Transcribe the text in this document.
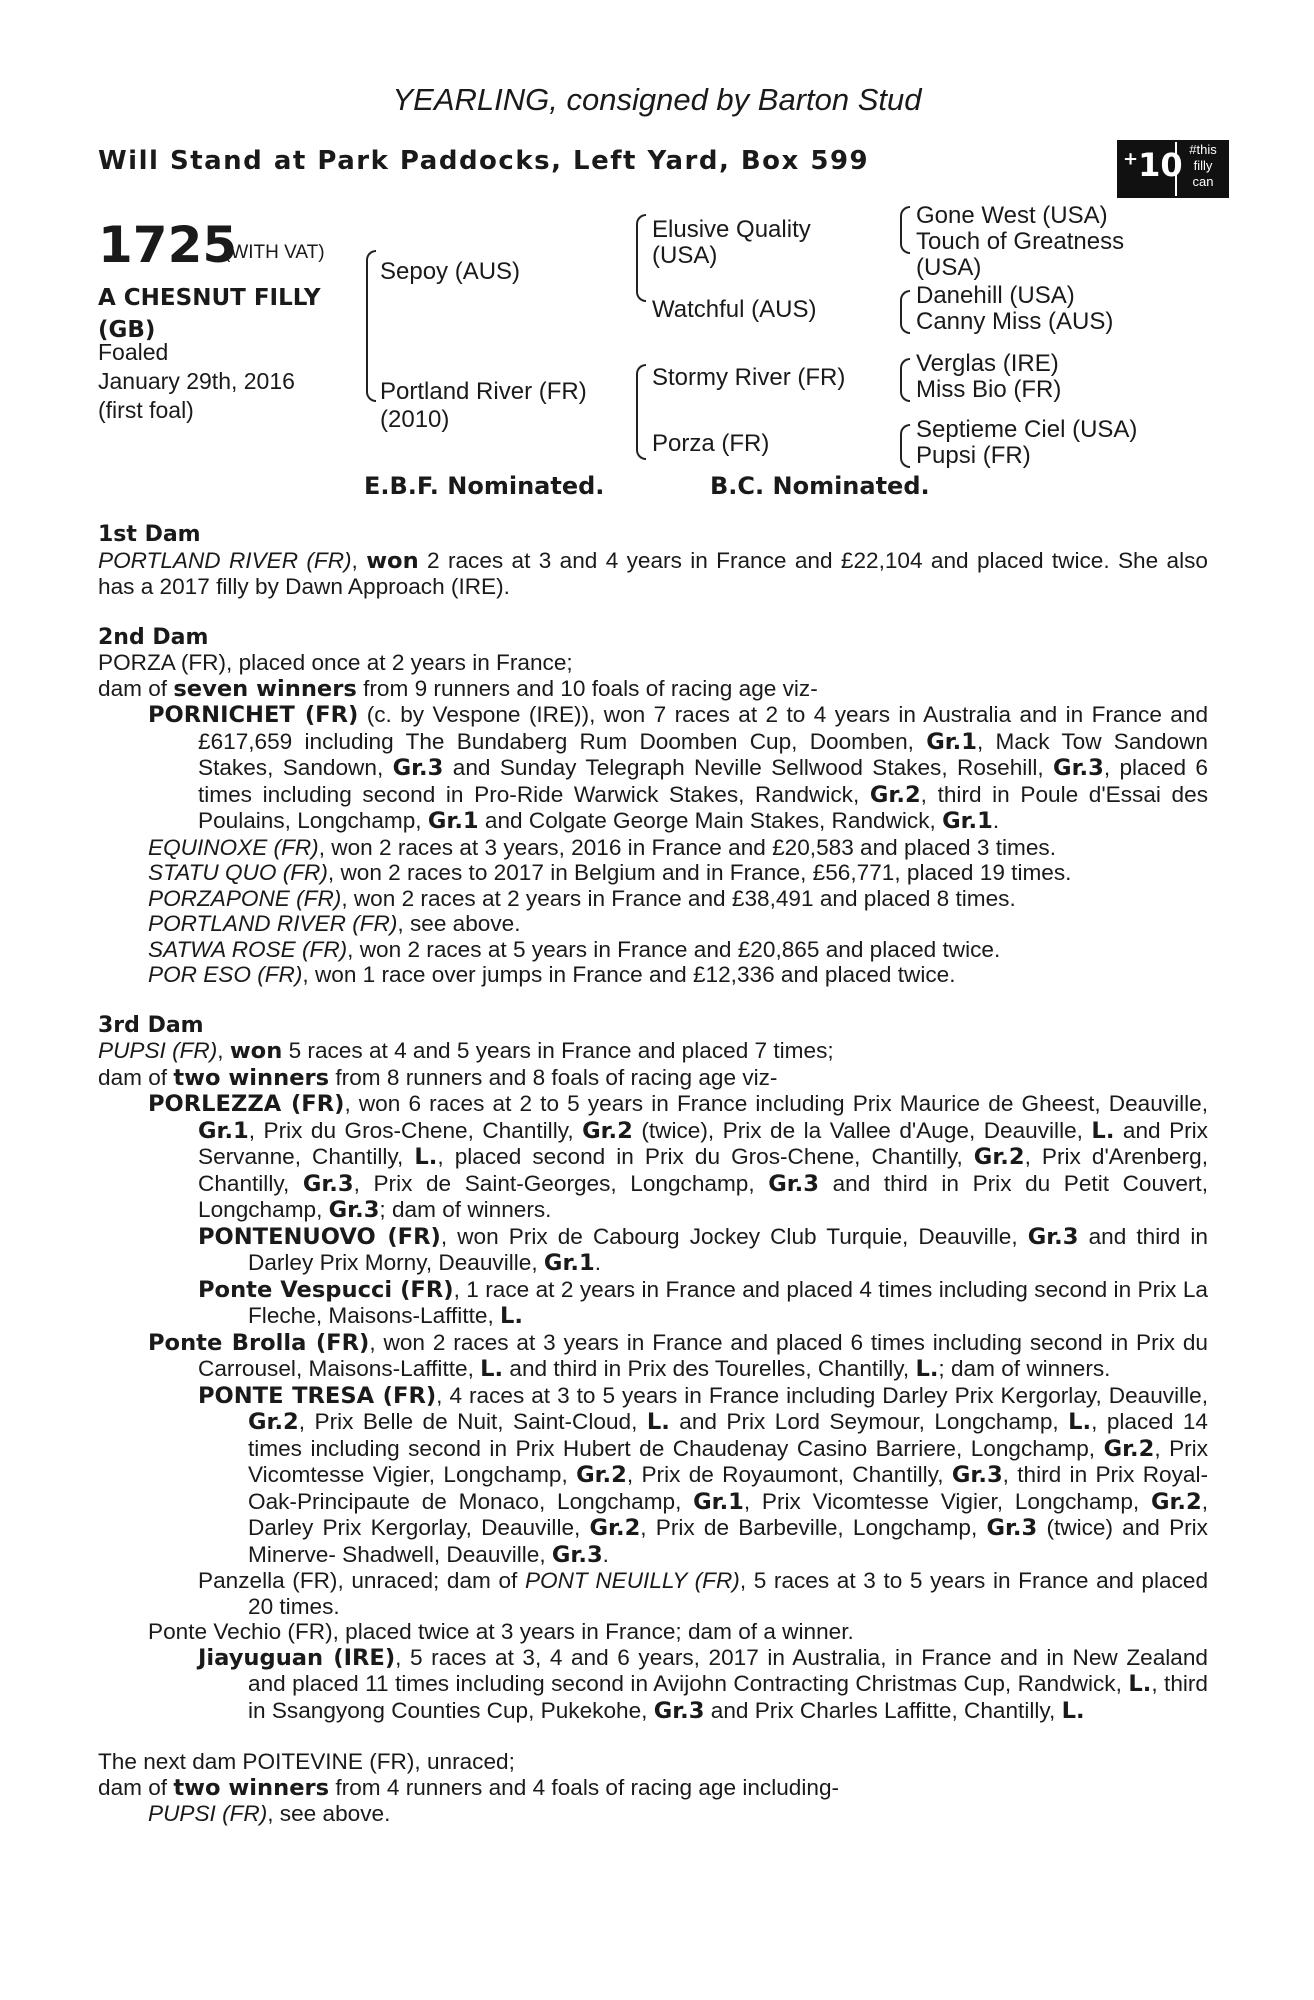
YEARLING, consigned by Barton Stud
Will Stand at Park Paddocks, Left Yard, Box 599	+10 #this
filly
can
1725
(WITH VAT)
A CHESNUT FILLY (GB)
Foaled
January 29th, 2016
(first foal)
Sepoy (AUS)
Portland River (FR)
(2010)
Elusive Quality
(USA)
Watchful (AUS)
Stormy River (FR)
Porza (FR)
Gone West (USA)
Touch of Greatness
(USA)
Danehill (USA)
Canny Miss (AUS)
Verglas (IRE)
Miss Bio (FR)
Septieme Ciel (USA)
Pupsi (FR)
E.B.F. Nominated.	B.C. Nominated.
1st Dam

PORTLAND RIVER (FR), won 2 races at 3 and 4 years in France and £22,104 and placed twice. She also has a 2017 filly by Dawn Approach (IRE).

2nd Dam

PORZA (FR), placed once at 2 years in France;

dam of seven winners from 9 runners and 10 foals of racing age viz-

PORNICHET (FR) (c. by Vespone (IRE)), won 7 races at 2 to 4 years in Australia and in France and £617,659 including The Bundaberg Rum Doomben Cup, Doomben, Gr.1, Mack Tow Sandown Stakes, Sandown, Gr.3 and Sunday Telegraph Neville Sellwood Stakes, Rosehill, Gr.3, placed 6 times including second in Pro-Ride Warwick Stakes, Randwick, Gr.2, third in Poule d'Essai des Poulains, Longchamp, Gr.1 and Colgate George Main Stakes, Randwick, Gr.1.

EQUINOXE (FR), won 2 races at 3 years, 2016 in France and £20,583 and placed 3 times.

STATU QUO (FR), won 2 races to 2017 in Belgium and in France, £56,771, placed 19 times.

PORZAPONE (FR), won 2 races at 2 years in France and £38,491 and placed 8 times.

PORTLAND RIVER (FR), see above.

SATWA ROSE (FR), won 2 races at 5 years in France and £20,865 and placed twice.

POR ESO (FR), won 1 race over jumps in France and £12,336 and placed twice.

3rd Dam

PUPSI (FR), won 5 races at 4 and 5 years in France and placed 7 times;

dam of two winners from 8 runners and 8 foals of racing age viz-

PORLEZZA (FR), won 6 races at 2 to 5 years in France including Prix Maurice de Gheest, Deauville, Gr.1, Prix du Gros-Chene, Chantilly, Gr.2 (twice), Prix de la Vallee d'Auge, Deauville, L. and Prix Servanne, Chantilly, L., placed second in Prix du Gros-Chene, Chantilly, Gr.2, Prix d'Arenberg, Chantilly, Gr.3, Prix de Saint-Georges, Longchamp, Gr.3 and third in Prix du Petit Couvert, Longchamp, Gr.3; dam of winners.

PONTENUOVO (FR), won Prix de Cabourg Jockey Club Turquie, Deauville, Gr.3 and third in Darley Prix Morny, Deauville, Gr.1.

Ponte Vespucci (FR), 1 race at 2 years in France and placed 4 times including second in Prix La Fleche, Maisons-Laffitte, L.

Ponte Brolla (FR), won 2 races at 3 years in France and placed 6 times including second in Prix du Carrousel, Maisons-Laffitte, L. and third in Prix des Tourelles, Chantilly, L.; dam of winners.

PONTE TRESA (FR), 4 races at 3 to 5 years in France including Darley Prix Kergorlay, Deauville, Gr.2, Prix Belle de Nuit, Saint-Cloud, L. and Prix Lord Seymour, Longchamp, L., placed 14 times including second in Prix Hubert de Chaudenay Casino Barriere, Longchamp, Gr.2, Prix Vicomtesse Vigier, Longchamp, Gr.2, Prix de Royaumont, Chantilly, Gr.3, third in Prix Royal-Oak-Principaute de Monaco, Longchamp, Gr.1, Prix Vicomtesse Vigier, Longchamp, Gr.2, Darley Prix Kergorlay, Deauville, Gr.2, Prix de Barbeville, Longchamp, Gr.3 (twice) and Prix Minerve- Shadwell, Deauville, Gr.3.

Panzella (FR), unraced; dam of PONT NEUILLY (FR), 5 races at 3 to 5 years in France and placed 20 times.

Ponte Vechio (FR), placed twice at 3 years in France; dam of a winner.

Jiayuguan (IRE), 5 races at 3, 4 and 6 years, 2017 in Australia, in France and in New Zealand and placed 11 times including second in Avijohn Contracting Christmas Cup, Randwick, L., third in Ssangyong Counties Cup, Pukekohe, Gr.3 and Prix Charles Laffitte, Chantilly, L.

The next dam POITEVINE (FR), unraced;

dam of two winners from 4 runners and 4 foals of racing age including-

PUPSI (FR), see above.
